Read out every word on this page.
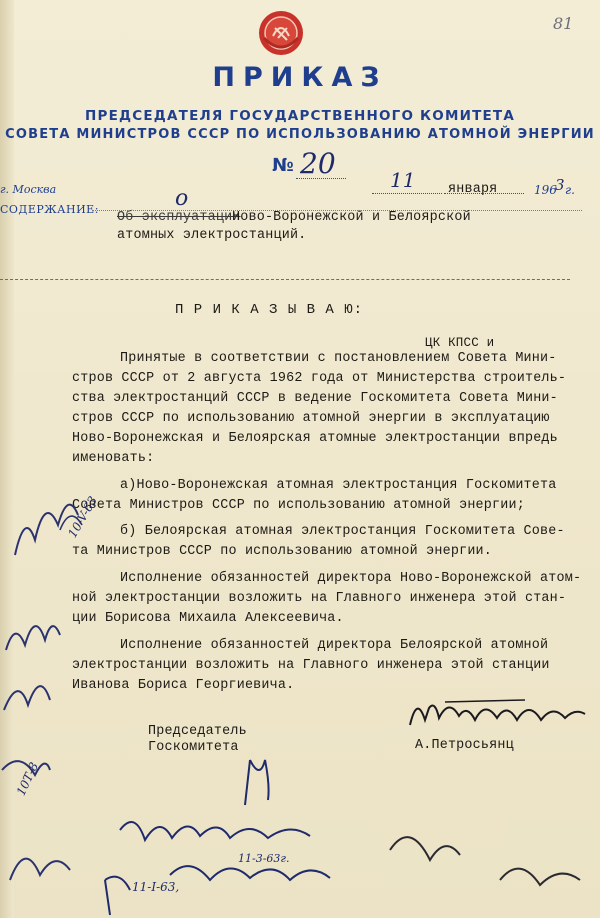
81
ПРИКАЗ
ПРЕДСЕДАТЕЛЯ ГОСУДАРСТВЕННОГО КОМИТЕТА
СОВЕТА МИНИСТРОВ СССР ПО ИСПОЛЬЗОВАНИЮ АТОМНОЙ ЭНЕРГИИ
№ 20
г. Москва	11 января	196
3 г.
СОДЕРЖАНИЕ:
Об эксплуатации
о
Ново-Воронежской и Белоярской
атомных электростанций.
П Р И К А З Ы В А Ю:
ЦК КПСС и
Принятые в соответствии с постановлением Совета Мини-
стров СССР от 2 августа 1962 года от Министерства строитель-
ства электростанций СССР в ведение Госкомитета Совета Мини-
стров СССР по использованию атомной энергии в эксплуатацию
Ново-Воронежская и Белоярская атомные электростанции впредь
именовать:
а)Ново-Воронежская атомная электростанция Госкомитета
Совета Министров СССР по использованию атомной энергии;
б) Белоярская атомная электростанция Госкомитета Сове-
та Министров СССР по использованию атомной энергии.
Исполнение обязанностей директора Ново-Воронежской атом-
ной электростанции возложить на Главного инженера этой стан-
ции Борисова Михаила Алексеевича.
Исполнение обязанностей директора Белоярской атомной
электростанции возложить на Главного инженера этой станции
Иванова Бориса Георгиевича.
Председатель
Госкомитета	А.Петросьянц
10-V-63
10Т-8
11-3-63г.
11-I-63,
